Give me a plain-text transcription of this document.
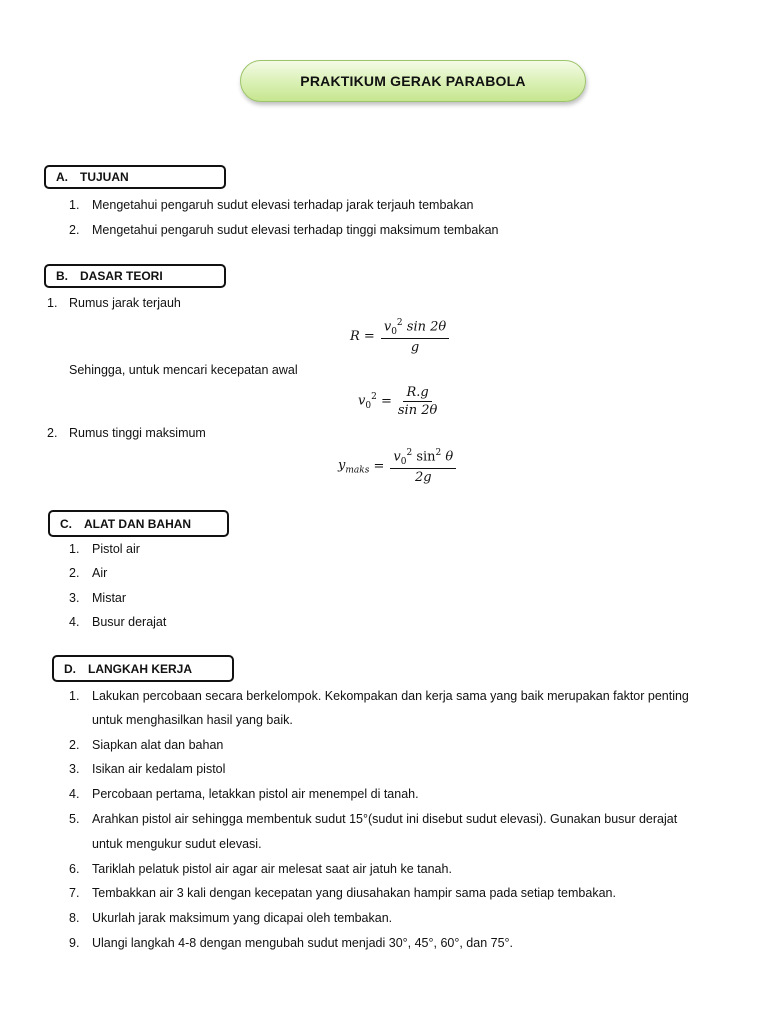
PRAKTIKUM GERAK PARABOLA
A.	TUJUAN
1. Mengetahui pengaruh sudut elevasi terhadap jarak terjauh tembakan
2. Mengetahui pengaruh sudut elevasi terhadap tinggi maksimum tembakan
B.	DASAR TEORI
1. Rumus jarak terjauh
$R = \frac{v_0^2 \sin 2\theta}{g}$
Sehingga, untuk mencari kecepatan awal
$v_0^2 = \frac{R.g}{\sin 2\theta}$
2. Rumus tinggi maksimum
$y_{maks} = \frac{v_0^2 \sin^2 \theta}{2g}$
C.	ALAT DAN BAHAN
1. Pistol air
2. Air
3. Mistar
4. Busur derajat
D.	LANGKAH KERJA
1. Lakukan percobaan secara berkelompok. Kekompakan dan kerja sama yang baik merupakan faktor penting
untuk menghasilkan hasil yang baik.
2. Siapkan alat dan bahan
3. Isikan air kedalam pistol
4. Percobaan pertama, letakkan pistol air menempel di tanah.
5. Arahkan pistol air sehingga membentuk sudut 15°(sudut ini disebut sudut elevasi). Gunakan busur derajat
untuk mengukur sudut elevasi.
6. Tariklah pelatuk pistol air agar air melesat saat air jatuh ke tanah.
7. Tembakkan air 3 kali dengan kecepatan yang diusahakan hampir sama pada setiap tembakan.
8. Ukurlah jarak maksimum yang dicapai oleh tembakan.
9. Ulangi langkah 4-8 dengan mengubah sudut menjadi 30°, 45°, 60°, dan 75°.
